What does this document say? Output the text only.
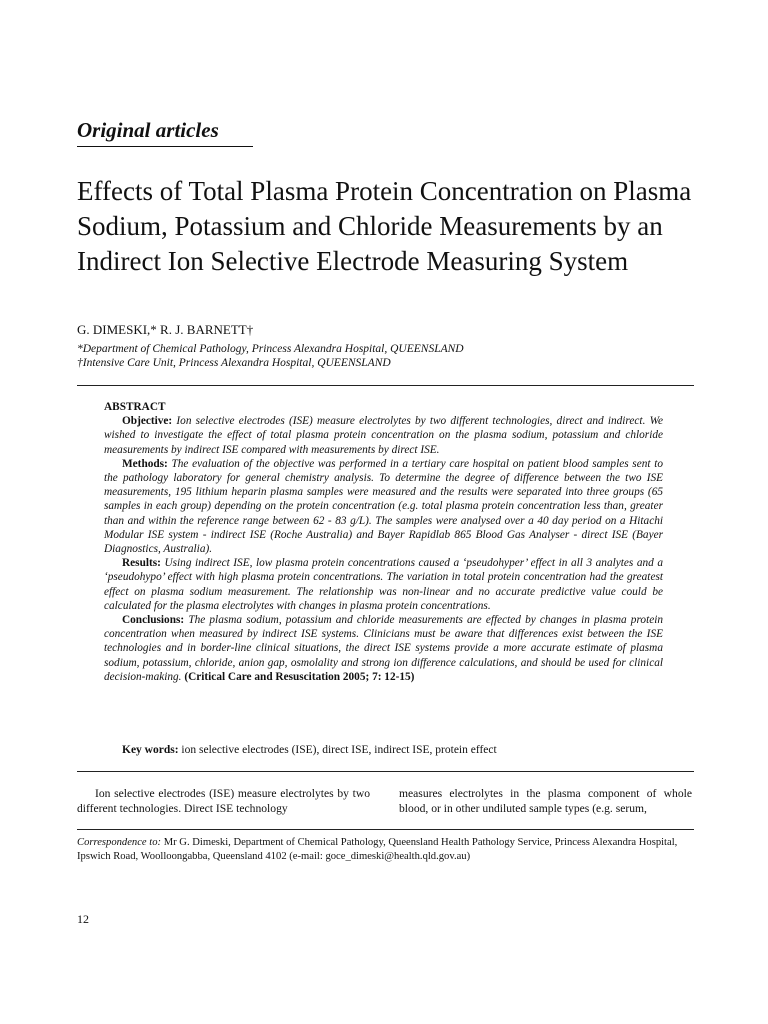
Original articles
Effects of Total Plasma Protein Concentration on Plasma Sodium, Potassium and Chloride Measurements by an Indirect Ion Selective Electrode Measuring System

G. DIMESKI,* R. J. BARNETT†

*Department of Chemical Pathology, Princess Alexandra Hospital, QUEENSLAND

†Intensive Care Unit, Princess Alexandra Hospital, QUEENSLAND

ABSTRACT

Objective: Ion selective electrodes (ISE) measure electrolytes by two different technologies, direct and indirect. We wished to investigate the effect of total plasma protein concentration on the plasma sodium, potassium and chloride measurements by indirect ISE compared with measurements by direct ISE.

Methods: The evaluation of the objective was performed in a tertiary care hospital on patient blood samples sent to the pathology laboratory for general chemistry analysis. To determine the degree of difference between the two ISE measurements, 195 lithium heparin plasma samples were measured and the results were separated into three groups (65 samples in each group) depending on the protein concentration (e.g. total plasma protein concentration less than, greater than and within the reference range between 62 - 83 g/L). The samples were analysed over a 40 day period on a Hitachi Modular ISE system - indirect ISE (Roche Australia) and Bayer Rapidlab 865 Blood Gas Analyser - direct ISE (Bayer Diagnostics, Australia).

Results: Using indirect ISE, low plasma protein concentrations caused a ‘pseudohyper’ effect in all 3 analytes and a ‘pseudohypo’ effect with high plasma protein concentrations. The variation in total protein concentration had the greatest effect on plasma sodium measurement. The relationship was non-linear and no accurate predictive value could be calculated for the plasma electrolytes with changes in plasma protein concentrations.

Conclusions: The plasma sodium, potassium and chloride measurements are effected by changes in plasma protein concentration when measured by indirect ISE systems. Clinicians must be aware that differences exist between the ISE technologies and in border-line clinical situations, the direct ISE systems provide a more accurate estimate of plasma sodium, potassium, chloride, anion gap, osmolality and strong ion difference calculations, and should be used for clinical decision-making. (Critical Care and Resuscitation 2005; 7: 12-15)

Key words: ion selective electrodes (ISE), direct ISE, indirect ISE, protein effect

Ion selective electrodes (ISE) measure electrolytes by two different technologies. Direct ISE technology

measures electrolytes in the plasma component of whole blood, or in other undiluted sample types (e.g. serum,

Correspondence to: Mr G. Dimeski, Department of Chemical Pathology, Queensland Health Pathology Service, Princess Alexandra Hospital, Ipswich Road, Woolloongabba, Queensland 4102 (e-mail: goce_dimeski@health.qld.gov.au)
12
